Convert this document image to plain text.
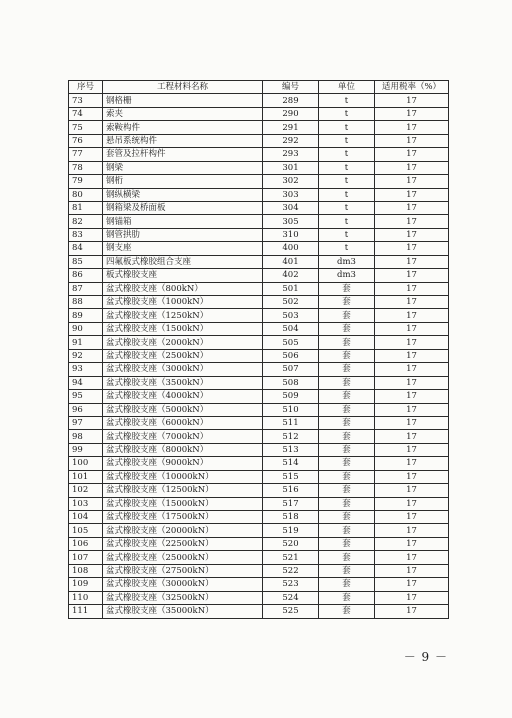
序号	工程材料名称	编号	单位	适用税率（%）
73	钢格栅	289	t	17
74	索夹	290	t	17
75	索鞍构件	291	t	17
76	悬吊系统构件	292	t	17
77	套管及拉杆构件	293	t	17
78	钢梁	301	t	17
79	钢桁	302	t	17
80	钢纵横梁	303	t	17
81	钢箱梁及桥面板	304	t	17
82	钢锚箱	305	t	17
83	钢管拱肋	310	t	17
84	钢支座	400	t	17
85	四氟板式橡胶组合支座	401	dm3	17
86	板式橡胶支座	402	dm3	17
87	盆式橡胶支座（800kN）	501	套	17
88	盆式橡胶支座（1000kN）	502	套	17
89	盆式橡胶支座（1250kN）	503	套	17
90	盆式橡胶支座（1500kN）	504	套	17
91	盆式橡胶支座（2000kN）	505	套	17
92	盆式橡胶支座（2500kN）	506	套	17
93	盆式橡胶支座（3000kN）	507	套	17
94	盆式橡胶支座（3500kN）	508	套	17
95	盆式橡胶支座（4000kN）	509	套	17
96	盆式橡胶支座（5000kN）	510	套	17
97	盆式橡胶支座（6000kN）	511	套	17
98	盆式橡胶支座（7000kN）	512	套	17
99	盆式橡胶支座（8000kN）	513	套	17
100	盆式橡胶支座（9000kN）	514	套	17
101	盆式橡胶支座（10000kN）	515	套	17
102	盆式橡胶支座（12500kN）	516	套	17
103	盆式橡胶支座（15000kN）	517	套	17
104	盆式橡胶支座（17500kN）	518	套	17
105	盆式橡胶支座（20000kN）	519	套	17
106	盆式橡胶支座（22500kN）	520	套	17
107	盆式橡胶支座（25000kN）	521	套	17
108	盆式橡胶支座（27500kN）	522	套	17
109	盆式橡胶支座（30000kN）	523	套	17
110	盆式橡胶支座（32500kN）	524	套	17
111	盆式橡胶支座（35000kN）	525	套	17
－ 9 －
